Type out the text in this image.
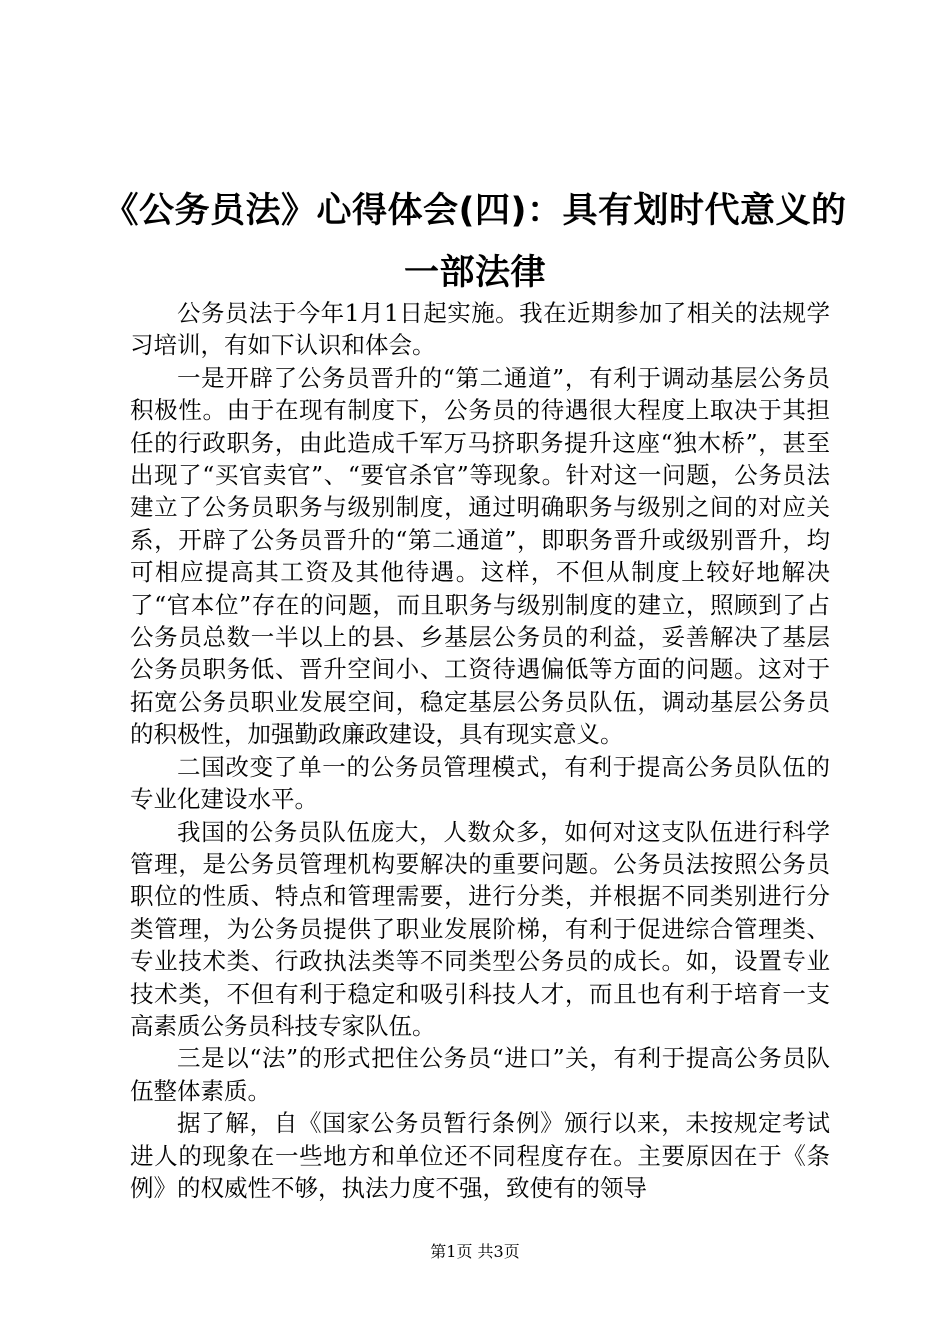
《公务员法》心得体会(四)：具有划时代意义的一部法律

公务员法于今年1月1日起实施。我在近期参加了相关的法规学习培训，有如下认识和体会。

一是开辟了公务员晋升的“第二通道”，有利于调动基层公务员积极性。由于在现有制度下，公务员的待遇很大程度上取决于其担任的行政职务，由此造成千军万马挤职务提升这座“独木桥”，甚至出现了“买官卖官”、“要官杀官”等现象。针对这一问题，公务员法建立了公务员职务与级别制度，通过明确职务与级别之间的对应关系，开辟了公务员晋升的“第二通道”，即职务晋升或级别晋升，均可相应提高其工资及其他待遇。这样，不但从制度上较好地解决了“官本位”存在的问题，而且职务与级别制度的建立，照顾到了占公务员总数一半以上的县、乡基层公务员的利益，妥善解决了基层公务员职务低、晋升空间小、工资待遇偏低等方面的问题。这对于拓宽公务员职业发展空间，稳定基层公务员队伍，调动基层公务员的积极性，加强勤政廉政建设，具有现实意义。

二国改变了单一的公务员管理模式，有利于提高公务员队伍的专业化建设水平。

我国的公务员队伍庞大，人数众多，如何对这支队伍进行科学管理，是公务员管理机构要解决的重要问题。公务员法按照公务员职位的性质、特点和管理需要，进行分类，并根据不同类别进行分类管理，为公务员提供了职业发展阶梯，有利于促进综合管理类、专业技术类、行政执法类等不同类型公务员的成长。如，设置专业技术类，不但有利于稳定和吸引科技人才，而且也有利于培育一支高素质公务员科技专家队伍。

三是以“法”的形式把住公务员“进口”关，有利于提高公务员队伍整体素质。

据了解，自《国家公务员暂行条例》颁行以来，未按规定考试进人的现象在一些地方和单位还不同程度存在。主要原因在于《条例》的权威性不够，执法力度不强，致使有的领导

第1页 共3页
